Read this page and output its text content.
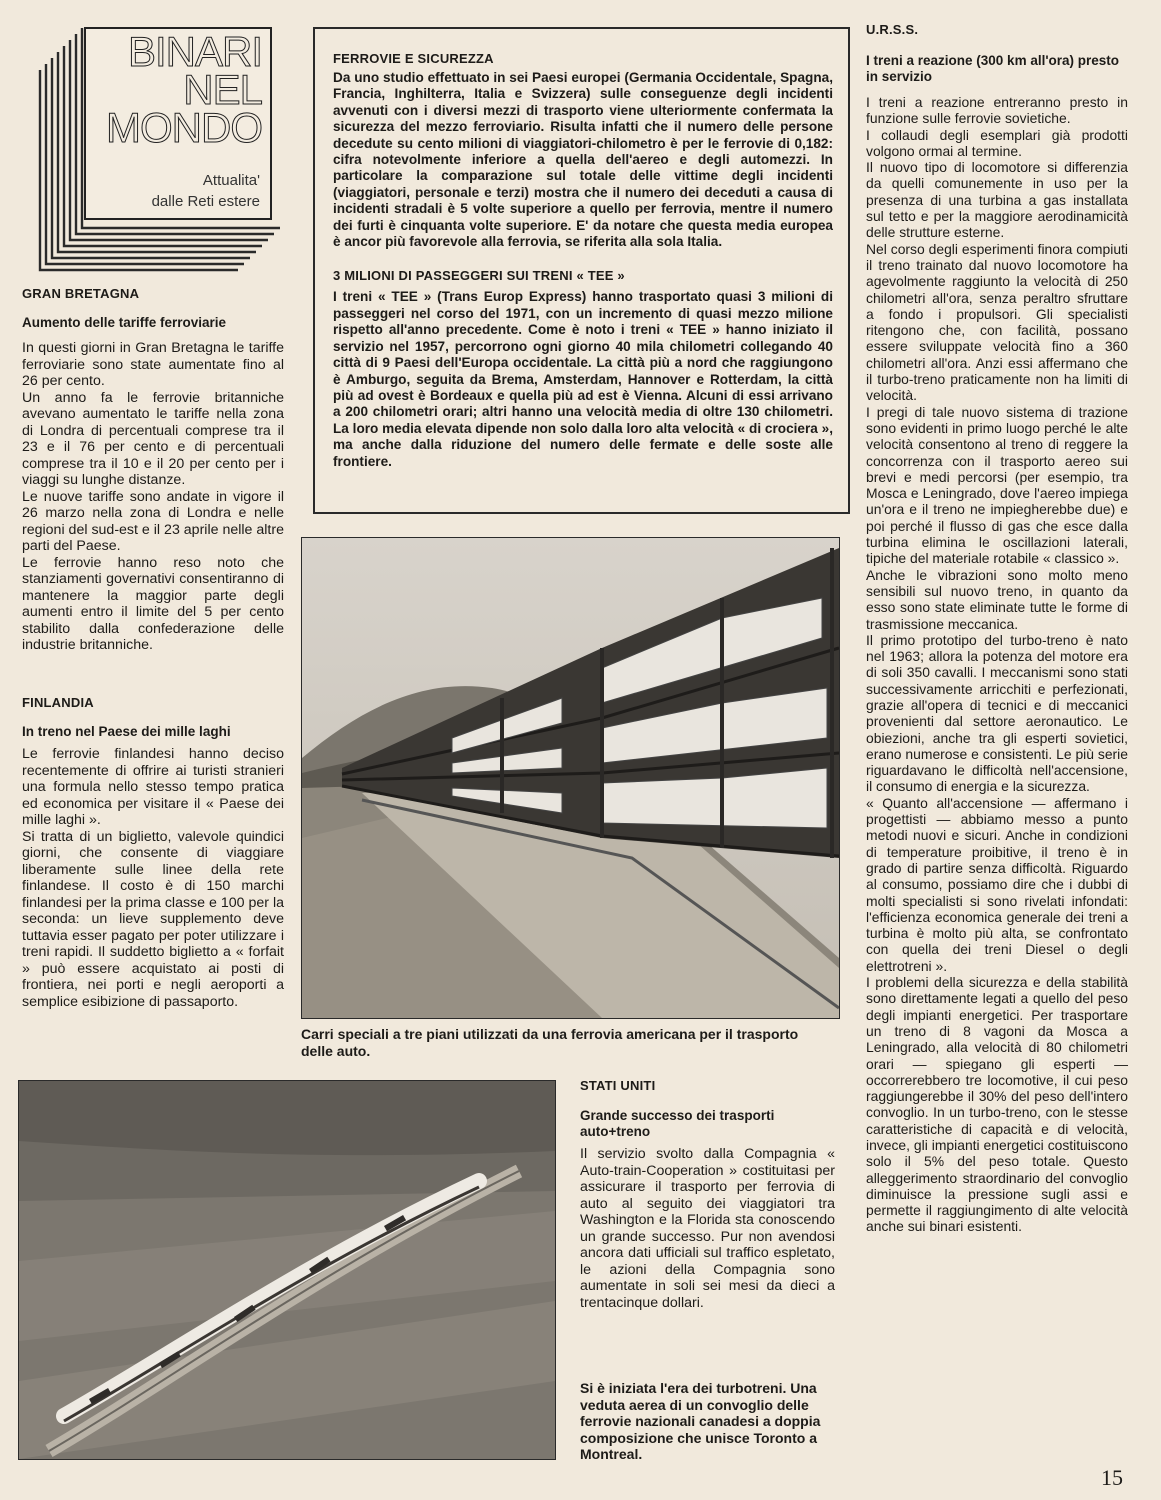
BINARI
NEL
MONDO
Attualita'
dalle Reti estere
GRAN BRETAGNA
Aumento delle tariffe ferroviarie

In questi giorni in Gran Bretagna le tariffe ferroviarie sono state aumentate fino al 26 per cento.

Un anno fa le ferrovie britanniche avevano aumentato le tariffe nella zona di Londra di percentuali comprese tra il 23 e il 76 per cento e di percentuali comprese tra il 10 e il 20 per cento per i viaggi su lunghe distanze.

Le nuove tariffe sono andate in vigore il 26 marzo nella zona di Londra e nelle regioni del sud-est e il 23 aprile nelle altre parti del Paese.

Le ferrovie hanno reso noto che stanziamenti governativi consentiranno di mantenere la maggior parte degli aumenti entro il limite del 5 per cento stabilito dalla confederazione delle industrie britanniche.

FINLANDIA
In treno nel Paese dei mille laghi

Le ferrovie finlandesi hanno deciso recentemente di offrire ai turisti stranieri una formula nello stesso tempo pratica ed economica per visitare il « Paese dei mille laghi ».

Si tratta di un biglietto, valevole quindici giorni, che consente di viaggiare liberamente sulle linee della rete finlandese. Il costo è di 150 marchi finlandesi per la prima classe e 100 per la seconda: un lieve supplemento deve tuttavia esser pagato per poter utilizzare i treni rapidi. Il suddetto biglietto a « forfait » può essere acquistato ai posti di frontiera, nei porti e negli aeroporti a semplice esibizione di passaporto.

FERROVIE E SICUREZZA

Da uno studio effettuato in sei Paesi europei (Germania Occidentale, Spagna, Francia, Inghilterra, Italia e Svizzera) sulle conseguenze degli incidenti avvenuti con i diversi mezzi di trasporto viene ulteriormente confermata la sicurezza del mezzo ferroviario. Risulta infatti che il numero delle persone decedute su cento milioni di viaggiatori-chilometro è per le ferrovie di 0,182: cifra notevolmente inferiore a quella dell'aereo e degli automezzi. In particolare la comparazione sul totale delle vittime degli incidenti (viaggiatori, personale e terzi) mostra che il numero dei deceduti a causa di incidenti stradali è 5 volte superiore a quello per ferrovia, mentre il numero dei furti è cinquanta volte superiore. E' da notare che questa media europea è ancor più favorevole alla ferrovia, se riferita alla sola Italia.

3 MILIONI DI PASSEGGERI SUI TRENI « TEE »

I treni « TEE » (Trans Europ Express) hanno trasportato quasi 3 milioni di passeggeri nel corso del 1971, con un incremento di quasi mezzo milione rispetto all'anno precedente. Come è noto i treni « TEE » hanno iniziato il servizio nel 1957, percorrono ogni giorno 40 mila chilometri collegando 40 città di 9 Paesi dell'Europa occidentale. La città più a nord che raggiungono è Amburgo, seguita da Brema, Amsterdam, Hannover e Rotterdam, la città più ad ovest è Bordeaux e quella più ad est è Vienna. Alcuni di essi arrivano a 200 chilometri orari; altri hanno una velocità media di oltre 130 chilometri. La loro media elevata dipende non solo dalla loro alta velocità « di crociera », ma anche dalla riduzione del numero delle fermate e delle soste alle frontiere.

Carri speciali a tre piani utilizzati da una ferrovia americana per il trasporto delle auto.

STATI UNITI
Grande successo dei trasporti auto+treno

Il servizio svolto dalla Compagnia « Auto-train-Cooperation » costituitasi per assicurare il trasporto per ferrovia di auto al seguito dei viaggiatori tra Washington e la Florida sta conoscendo un grande successo. Pur non avendosi ancora dati ufficiali sul traffico espletato, le azioni della Compagnia sono aumentate in soli sei mesi da dieci a trentacinque dollari.

Si è iniziata l'era dei turbotreni. Una veduta aerea di un convoglio delle ferrovie nazionali canadesi a doppia composizione che unisce Toronto a Montreal.

U.R.S.S.
I treni a reazione (300 km all'ora) presto in servizio

I treni a reazione entreranno presto in funzione sulle ferrovie sovietiche.

I collaudi degli esemplari già prodotti volgono ormai al termine.

Il nuovo tipo di locomotore si differenzia da quelli comunemente in uso per la presenza di una turbina a gas installata sul tetto e per la maggiore aerodinamicità delle strutture esterne.

Nel corso degli esperimenti finora compiuti il treno trainato dal nuovo locomotore ha agevolmente raggiunto la velocità di 250 chilometri all'ora, senza peraltro sfruttare a fondo i propulsori. Gli specialisti ritengono che, con facilità, possano essere sviluppate velocità fino a 360 chilometri all'ora. Anzi essi affermano che il turbo-treno praticamente non ha limiti di velocità.

I pregi di tale nuovo sistema di trazione sono evidenti in primo luogo perché le alte velocità consentono al treno di reggere la concorrenza con il trasporto aereo sui brevi e medi percorsi (per esempio, tra Mosca e Leningrado, dove l'aereo impiega un'ora e il treno ne impiegherebbe due) e poi perché il flusso di gas che esce dalla turbina elimina le oscillazioni laterali, tipiche del materiale rotabile « classico ».

Anche le vibrazioni sono molto meno sensibili sul nuovo treno, in quanto da esso sono state eliminate tutte le forme di trasmissione meccanica.

Il primo prototipo del turbo-treno è nato nel 1963; allora la potenza del motore era di soli 350 cavalli. I meccanismi sono stati successivamente arricchiti e perfezionati, grazie all'opera di tecnici e di meccanici provenienti dal settore aeronautico. Le obiezioni, anche tra gli esperti sovietici, erano numerose e consistenti. Le più serie riguardavano le difficoltà nell'accensione, il consumo di energia e la sicurezza.

« Quanto all'accensione — affermano i progettisti — abbiamo messo a punto metodi nuovi e sicuri. Anche in condizioni di temperature proibitive, il treno è in grado di partire senza difficoltà. Riguardo al consumo, possiamo dire che i dubbi di molti specialisti si sono rivelati infondati: l'efficienza economica generale dei treni a turbina è molto più alta, se confrontato con quella dei treni Diesel o degli elettrotreni ».

I problemi della sicurezza e della stabilità sono direttamente legati a quello del peso degli impianti energetici. Per trasportare un treno di 8 vagoni da Mosca a Leningrado, alla velocità di 80 chilometri orari — spiegano gli esperti — occorrerebbero tre locomotive, il cui peso raggiungerebbe il 30% del peso dell'intero convoglio. In un turbo-treno, con le stesse caratteristiche di capacità e di velocità, invece, gli impianti energetici costituiscono solo il 5% del peso totale. Questo alleggerimento straordinario del convoglio diminuisce la pressione sugli assi e permette il raggiungimento di alte velocità anche sui binari esistenti.

15
